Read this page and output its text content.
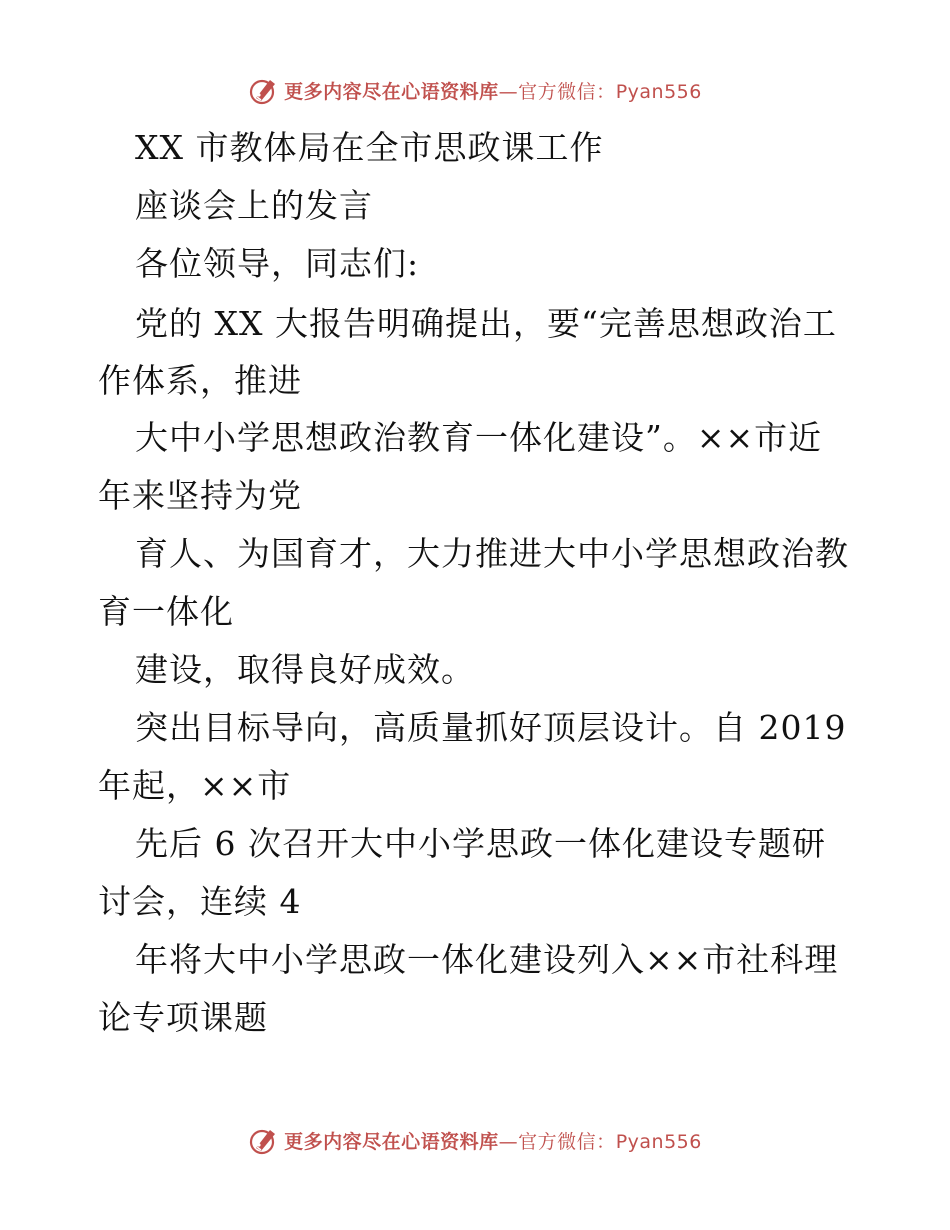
更多内容尽在心语资料库—官方微信：Pyan556
XX 市教体局在全市思政课工作
座谈会上的发言
各位领导，同志们:
党的 XX 大报告明确提出，要“完善思想政治工
作体系，推进
大中小学思想政治教育一体化建设”。××市近
年来坚持为党
育人、为国育才，大力推进大中小学思想政治教
育一体化
建设，取得良好成效。
突出目标导向，高质量抓好顶层设计。自 2019
年起，××市
先后 6 次召开大中小学思政一体化建设专题研
讨会，连续 4
年将大中小学思政一体化建设列入××市社科理
论专项课题
更多内容尽在心语资料库—官方微信：Pyan556
